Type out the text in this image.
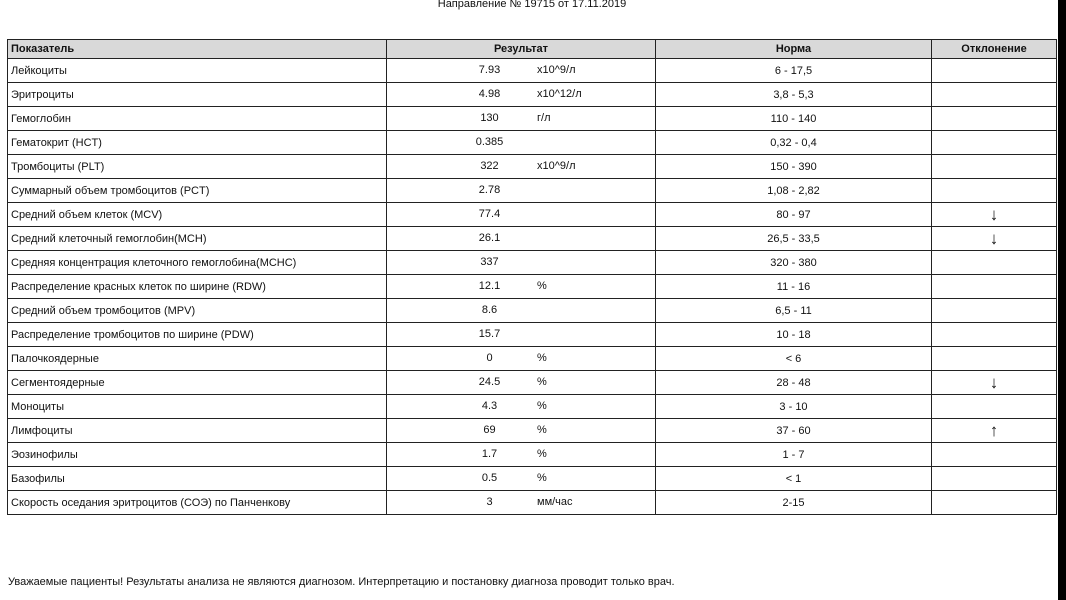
Направление № 19715 от 17.11.2019
Показатель	Результат	Норма	Отклонение
Лейкоциты	7.93 x10^9/л	6 - 17,5	
Эритроциты	4.98 x10^12/л	3,8 - 5,3	
Гемоглобин	130 г/л	110 - 140	
Гематокрит (HCT)	0.385	0,32 - 0,4	
Тромбоциты (PLT)	322 x10^9/л	150 - 390	
Суммарный объем тромбоцитов (PCT)	2.78	1,08 - 2,82	
Средний объем клеток (MCV)	77.4	80 - 97	↓
Средний клеточный гемоглобин(MCH)	26.1	26,5 - 33,5	↓
Средняя концентрация клеточного гемоглобина(MCHC)	337	320 - 380	
Распределение красных клеток по ширине (RDW)	12.1 %	11 - 16	
Средний объем тромбоцитов (MPV)	8.6	6,5 - 11	
Распределение тромбоцитов по ширине (PDW)	15.7	10 - 18	
Палочкоядерные	0 %	< 6	
Сегментоядерные	24.5 %	28 - 48	↓
Моноциты	4.3 %	3 - 10	
Лимфоциты	69 %	37 - 60	↑
Эозинофилы	1.7 %	1 - 7	
Базофилы	0.5 %	< 1	
Скорость оседания эритроцитов (СОЭ) по Панченкову	3 мм/час	2-15	
Уважаемые пациенты! Результаты анализа не являются диагнозом. Интерпретацию и постановку диагноза проводит только врач.
